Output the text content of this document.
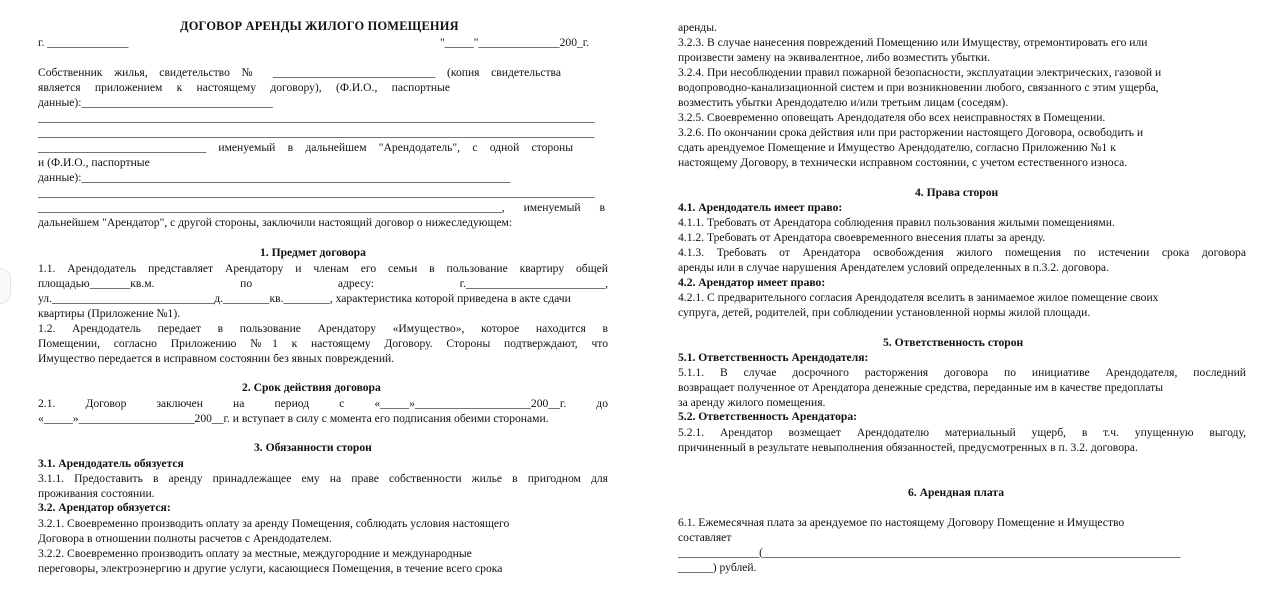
ДОГОВОР АРЕНДЫ ЖИЛОГО ПОМЕЩЕНИЯ
г. ______________	"_____"______________200_г.
Собственник жилья, свидетельство № ____________________________ (копия свидетельства
является приложением к настоящему договору), (Ф.И.О., паспортные
данные):_________________________________
________________________________________________________________________________________________
________________________________________________________________________________________________
_____________________________ именуемый в дальнейшем "Арендодатель", с одной стороны
и (Ф.И.О., паспортные
данные):__________________________________________________________________________
________________________________________________________________________________________________
________________________________________________________________________________, именуемый в
дальнейшем "Арендатор", с другой стороны, заключили настоящий договор о нижеследующем:
1. Предмет договора
1.1. Арендодатель представляет Арендатору и членам его семьи в пользование квартиру общей
площадью_______кв.м. по адресу: г.________________________,
ул.____________________________д.________кв.________, характеристика которой приведена в акте сдачи
квартиры (Приложение №1).
1.2. Арендодатель передает в пользование Арендатору «Имущество», которое находится в
Помещении, согласно Приложению №1 к настоящему Договору. Стороны подтверждают, что
Имущество передается в исправном состоянии без явных повреждений.
2. Срок действия договора
2.1. Договор заключен на период с «_____»____________________200__г. до
«_____»____________________200__г. и вступает в силу с момента его подписания обеими сторонами.
3. Обязанности сторон
3.1. Арендодатель обязуется
3.1.1. Предоставить в аренду принадлежащее ему на праве собственности жилье в пригодном для
проживания состоянии.
3.2. Арендатор обязуется:
3.2.1. Своевременно производить оплату за аренду Помещения, соблюдать условия настоящего
Договора в отношении полноты расчетов с Арендодателем.
3.2.2. Своевременно производить оплату за местные, междугородние и международные
переговоры, электроэнергию и другие услуги, касающиеся Помещения, в течение всего срока
аренды.
3.2.3. В случае нанесения повреждений Помещению или Имуществу, отремонтировать его или
произвести замену на эквивалентное, либо возместить убытки.
3.2.4. При несоблюдении правил пожарной безопасности, эксплуатации электрических, газовой и
водопроводно-канализационной систем и при возникновении любого, связанного с этим ущерба,
возместить убытки Арендодателю и/или третьим лицам (соседям).
3.2.5. Своевременно оповещать Арендодателя обо всех неисправностях в Помещении.
3.2.6. По окончании срока действия или при расторжении настоящего Договора, освободить и
сдать арендуемое Помещение и Имущество Арендодателю, согласно Приложению №1 к
настоящему Договору, в технически исправном состоянии, с учетом естественного износа.
4. Права сторон
4.1. Арендодатель имеет право:
4.1.1. Требовать от Арендатора соблюдения правил пользования жилыми помещениями.
4.1.2. Требовать от Арендатора своевременного внесения платы за аренду.
4.1.3. Требовать от Арендатора освобождения жилого помещения по истечении срока договора
аренды или в случае нарушения Арендателем условий определенных в п.3.2. договора.
4.2. Арендатор имеет право:
4.2.1. С предварительного согласия Арендодателя вселить в занимаемое жилое помещение своих
супруга, детей, родителей, при соблюдении установленной нормы жилой площади.
5. Ответственность сторон
5.1. Ответственность Арендодателя:
5.1.1. В случае досрочного расторжения договора по инициативе Арендодателя, последний
возвращает полученное от Арендатора денежные средства, переданные им в качестве предоплаты
за аренду жилого помещения.
5.2. Ответственность Арендатора:
5.2.1. Арендатор возмещает Арендодателю материальный ущерб, в т.ч. упущенную выгоду,
причиненный в результате невыполнения обязанностей, предусмотренных в п. 3.2. договора.
6. Арендная плата
6.1. Ежемесячная плата за арендуемое по настоящему Договору Помещение и Имущество
составляет
______________(________________________________________________________________________
______) рублей.
